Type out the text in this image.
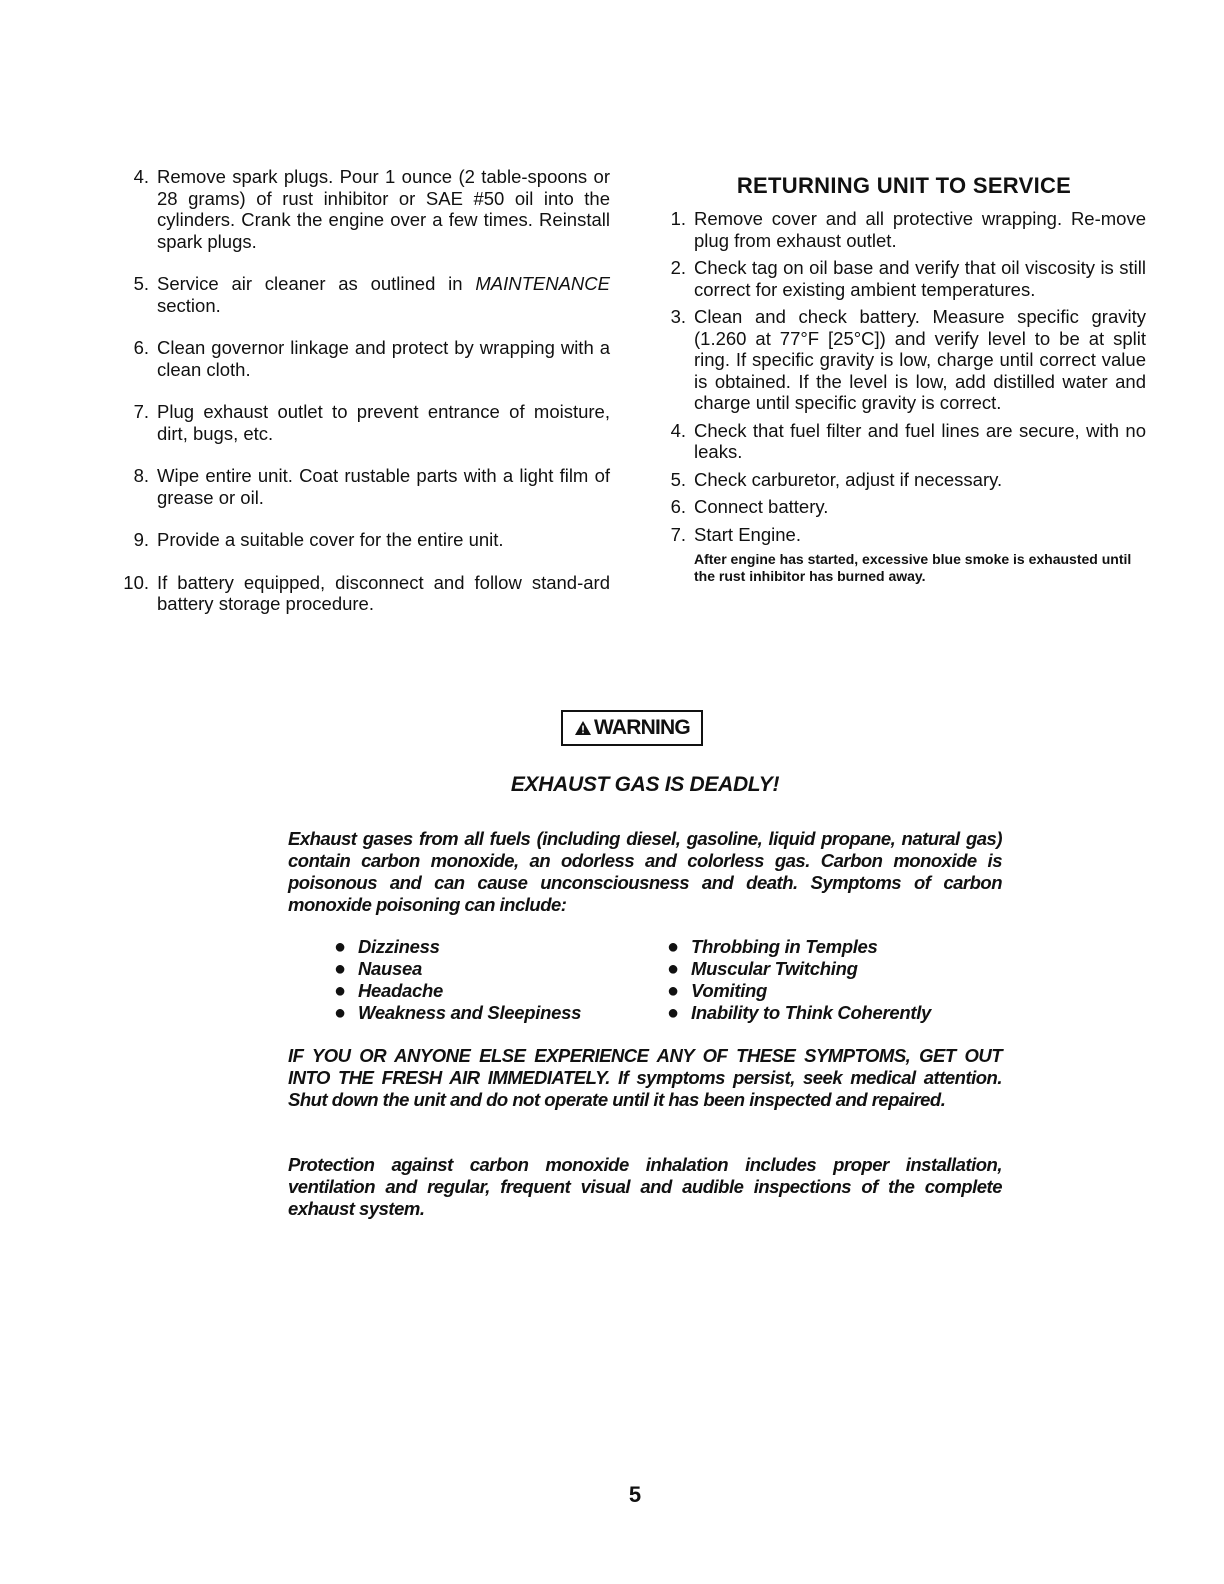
4. Remove spark plugs. Pour 1 ounce (2 table-spoons or 28 grams) of rust inhibitor or SAE #50 oil into the cylinders. Crank the engine over a few times. Reinstall spark plugs.
5. Service air cleaner as outlined in MAINTENANCE section.
6. Clean governor linkage and protect by wrapping with a clean cloth.
7. Plug exhaust outlet to prevent entrance of moisture, dirt, bugs, etc.
8. Wipe entire unit. Coat rustable parts with a light film of grease or oil.
9. Provide a suitable cover for the entire unit.
10. If battery equipped, disconnect and follow stand-ard battery storage procedure.
RETURNING UNIT TO SERVICE
1. Remove cover and all protective wrapping. Re-move plug from exhaust outlet.
2. Check tag on oil base and verify that oil viscosity is still correct for existing ambient temperatures.
3. Clean and check battery. Measure specific gravity (1.260 at 77°F [25°C]) and verify level to be at split ring. If specific gravity is low, charge until correct value is obtained. If the level is low, add distilled water and charge until specific gravity is correct.
4. Check that fuel filter and fuel lines are secure, with no leaks.
5. Check carburetor, adjust if necessary.
6. Connect battery.
7. Start Engine.
After engine has started, excessive blue smoke is exhausted until the rust inhibitor has burned away.
WARNING
EXHAUST GAS IS DEADLY!
Exhaust gases from all fuels (including diesel, gasoline, liquid propane, natural gas) contain carbon monoxide, an odorless and colorless gas. Carbon monoxide is poisonous and can cause unconsciousness and death. Symptoms of carbon monoxide poisoning can include:
● Dizziness
● Nausea
● Headache
● Weakness and Sleepiness
● Throbbing in Temples
● Muscular Twitching
● Vomiting
● Inability to Think Coherently
IF YOU OR ANYONE ELSE EXPERIENCE ANY OF THESE SYMPTOMS, GET OUT INTO THE FRESH AIR IMMEDIATELY. If symptoms persist, seek medical attention. Shut down the unit and do not operate until it has been inspected and repaired.
Protection against carbon monoxide inhalation includes proper installation, ventilation and regular, frequent visual and audible inspections of the complete exhaust system.
5
